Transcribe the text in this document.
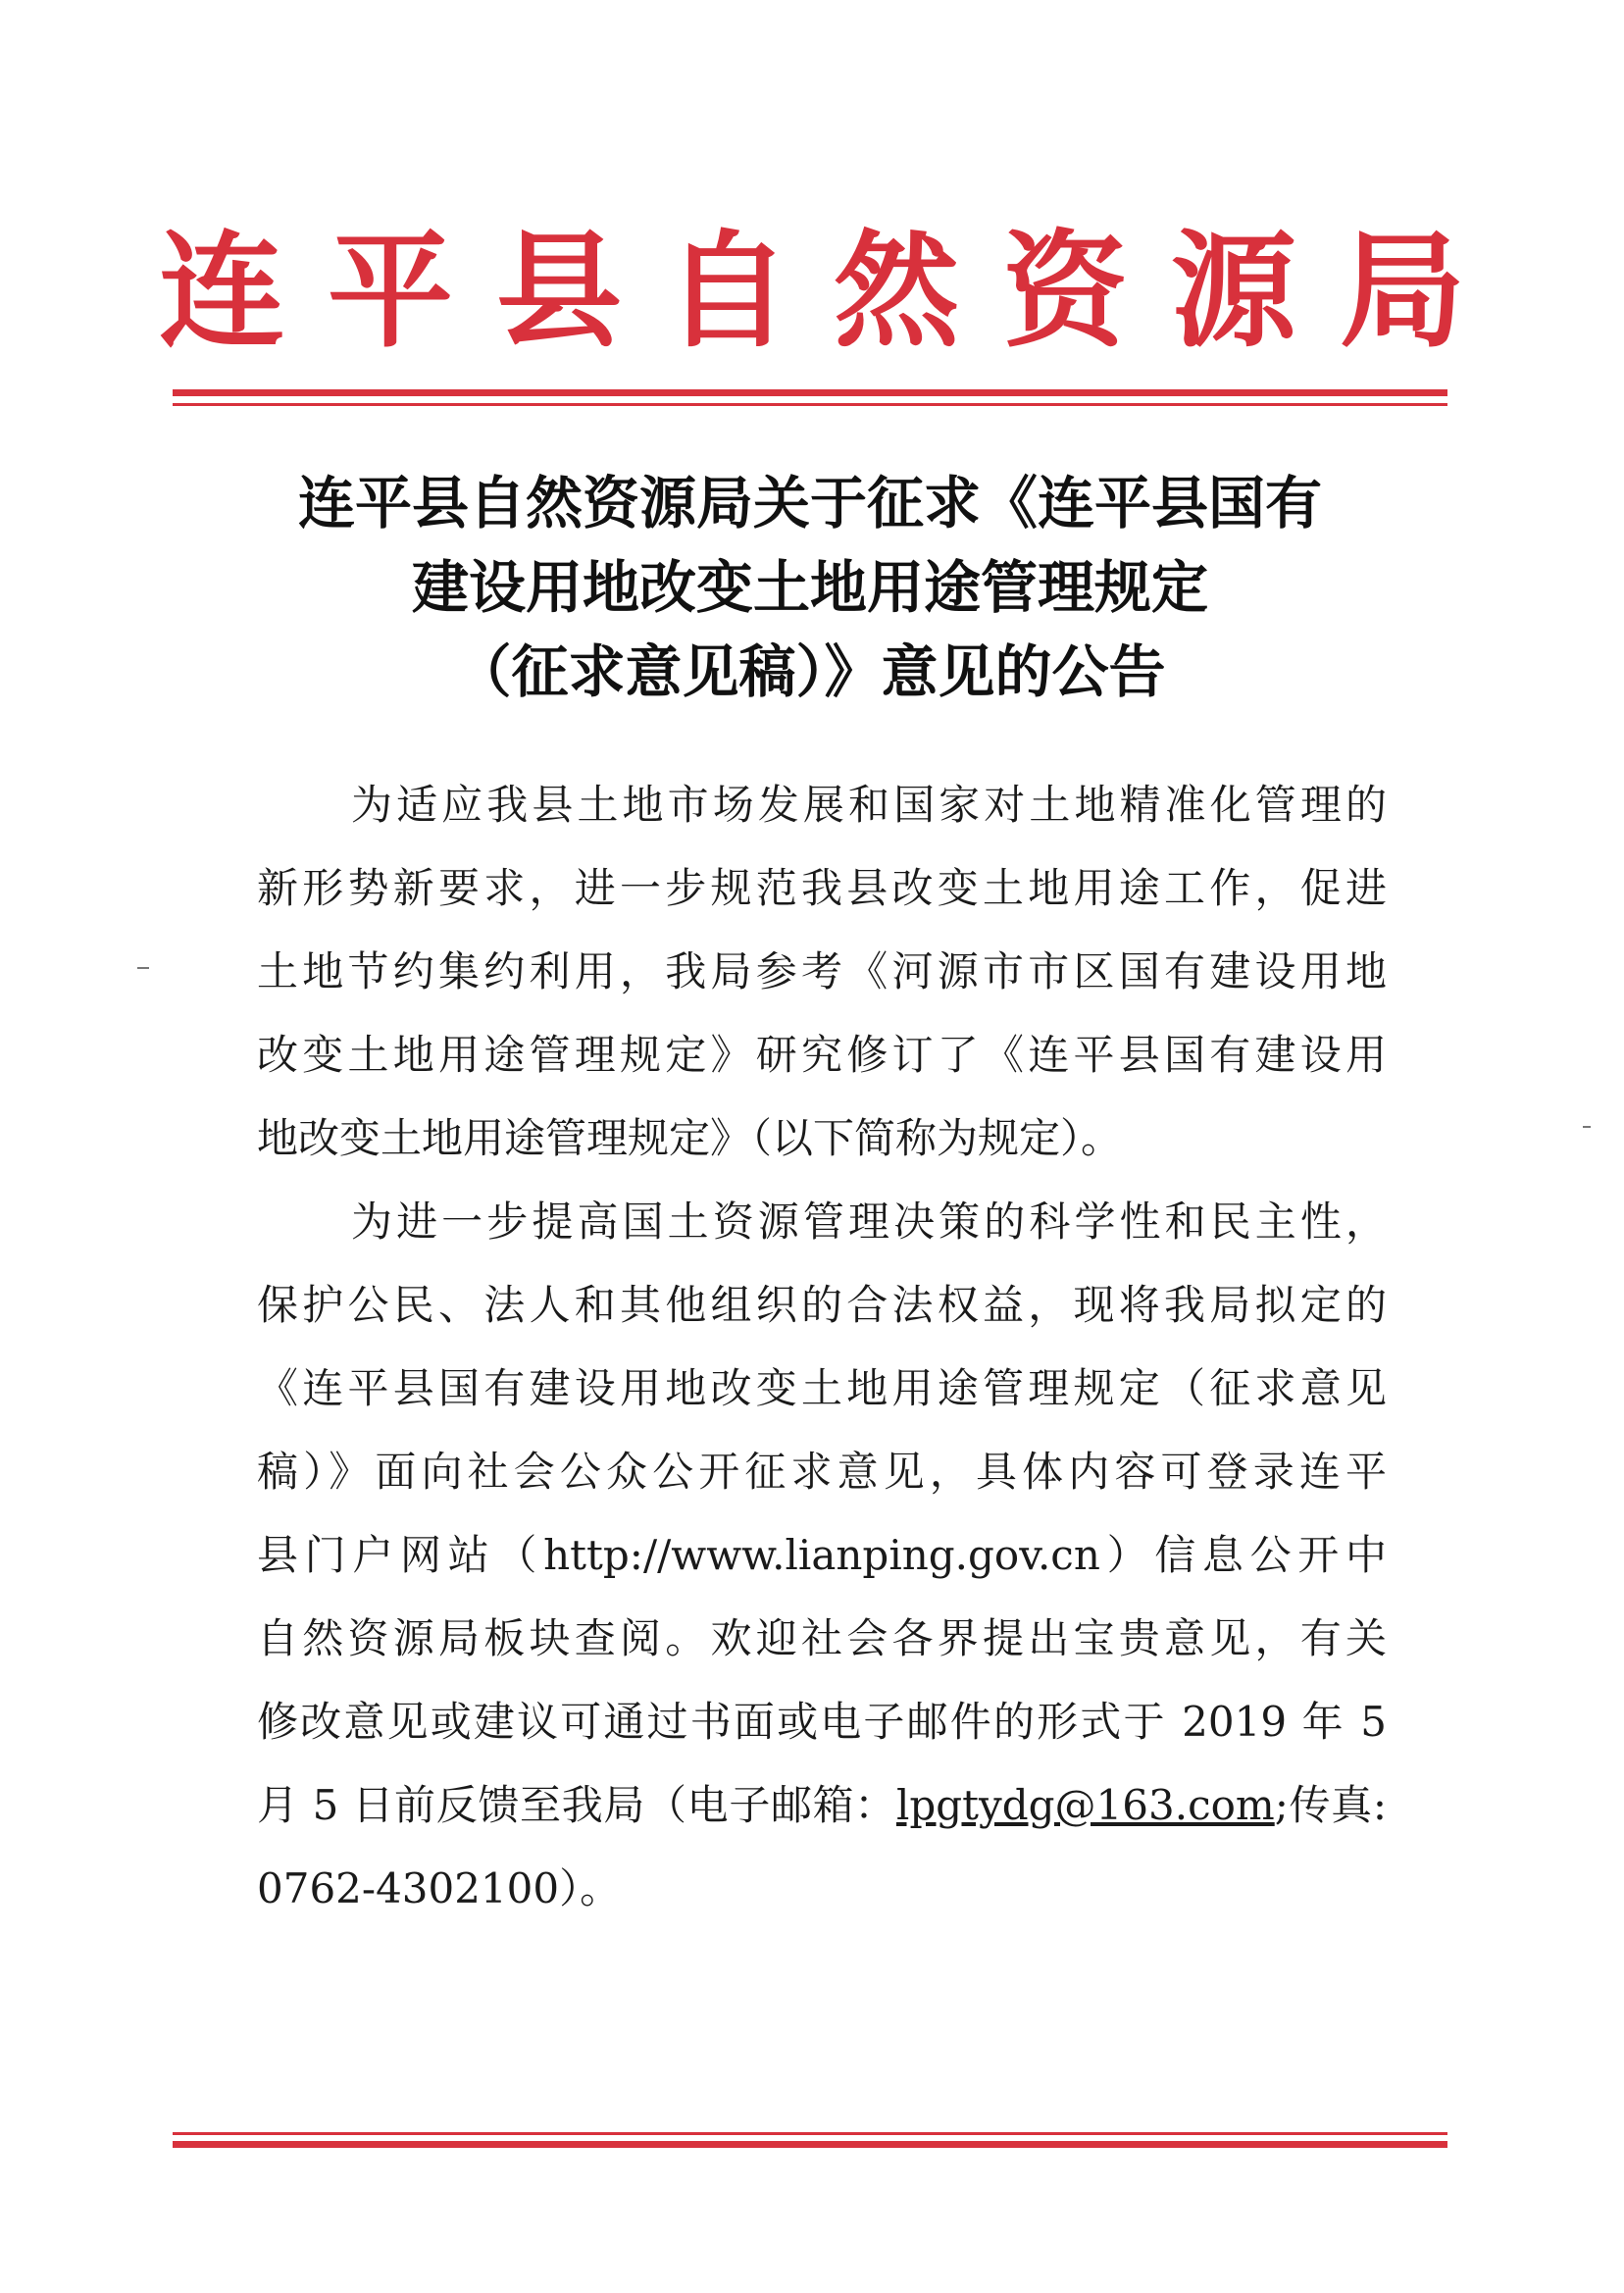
连平县自然资源局
连平县自然资源局关于征求《连平县国有
建设用地改变土地用途管理规定
（征求意见稿）》意见的公告
为适应我县土地市场发展和国家对土地精准化管理的
新形势新要求，进一步规范我县改变土地用途工作，促进
土地节约集约利用，我局参考《河源市市区国有建设用地
改变土地用途管理规定》研究修订了《连平县国有建设用
地改变土地用途管理规定》（以下简称为规定）。
为进一步提高国土资源管理决策的科学性和民主性，
保护公民、法人和其他组织的合法权益，现将我局拟定的
《连平县国有建设用地改变土地用途管理规定（征求意见
稿）》面向社会公众公开征求意见，具体内容可登录连平
县门户网站（http://www.lianping.gov.cn）信息公开中
自然资源局板块查阅。欢迎社会各界提出宝贵意见，有关
修改意见或建议可通过书面或电子邮件的形式于 2019 年 5
月 5 日前反馈至我局（电子邮箱：lpgtydg@163.com;传真:
0762-4302100）。
